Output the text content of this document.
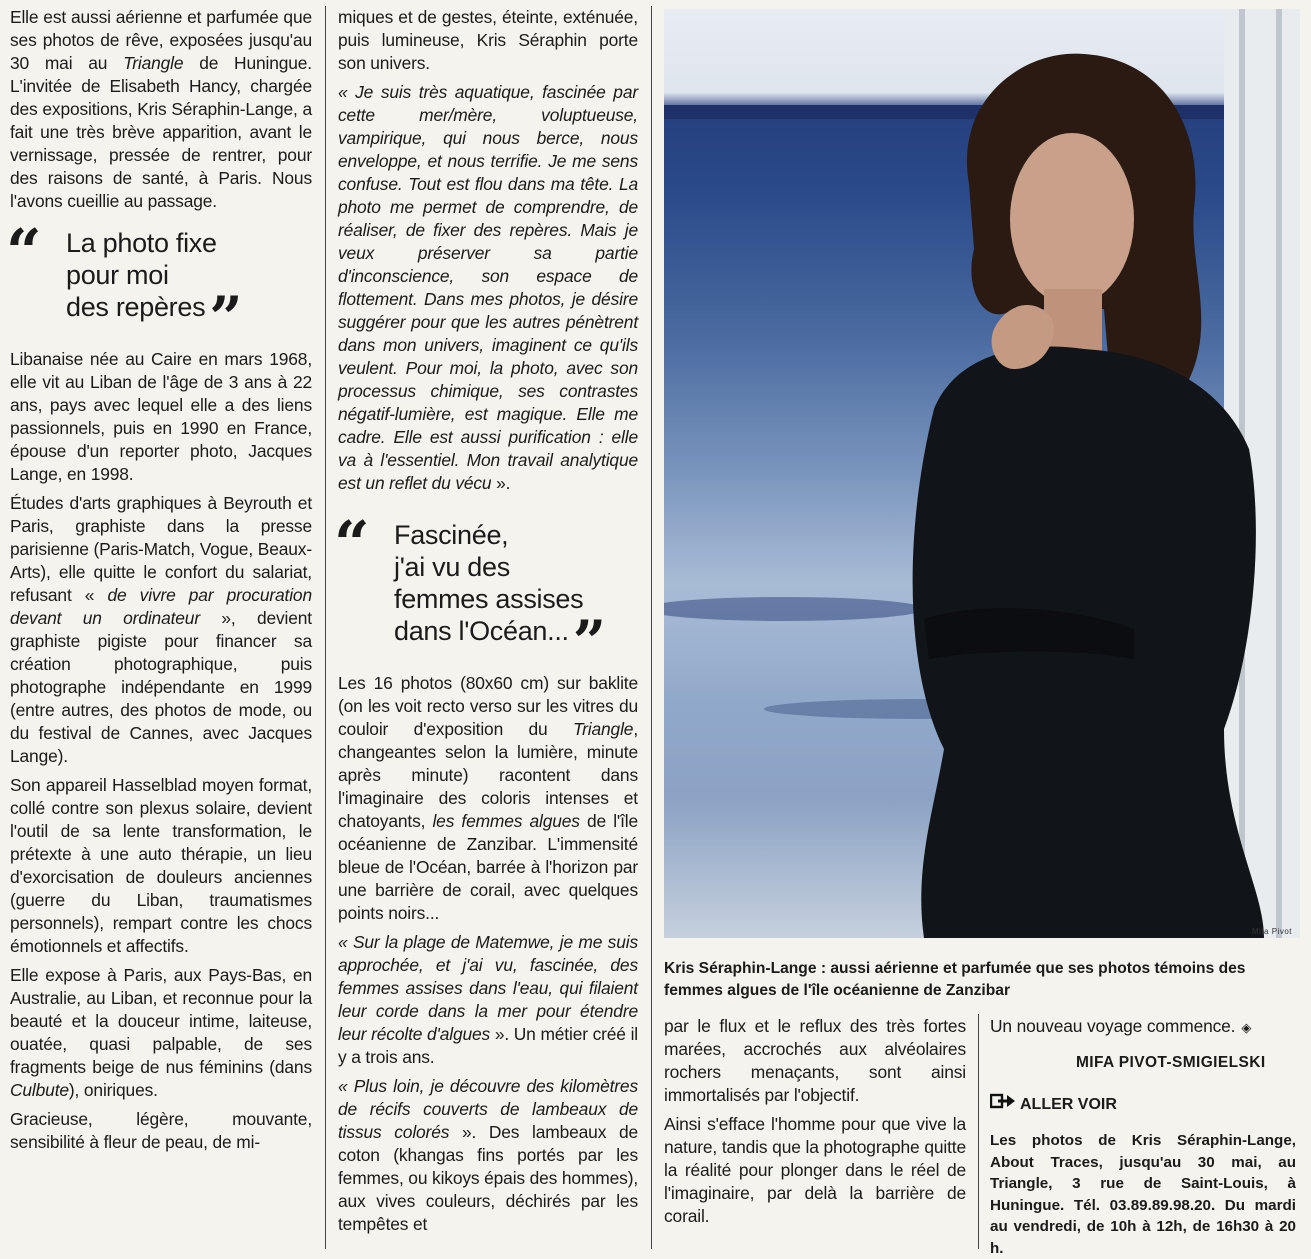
Elle est aussi aérienne et parfumée que ses photos de rêve, exposées jusqu'au 30 mai au Triangle de Huningue. L'invitée de Elisabeth Hancy, chargée des expositions, Kris Séraphin-Lange, a fait une très brève apparition, avant le vernissage, pressée de rentrer, pour des raisons de santé, à Paris. Nous l'avons cueillie au passage.

“ La photo fixe
pour moi
des repères”

Libanaise née au Caire en mars 1968, elle vit au Liban de l'âge de 3 ans à 22 ans, pays avec lequel elle a des liens passionnels, puis en 1990 en France, épouse d'un reporter photo, Jacques Lange, en 1998.

Études d'arts graphiques à Beyrouth et Paris, graphiste dans la presse parisienne (Paris-Match, Vogue, Beaux-Arts), elle quitte le confort du salariat, refusant « de vivre par procuration devant un ordinateur », devient graphiste pigiste pour financer sa création photographique, puis photographe indépendante en 1999 (entre autres, des photos de mode, ou du festival de Cannes, avec Jacques Lange).

Son appareil Hasselblad moyen format, collé contre son plexus solaire, devient l'outil de sa lente transformation, le prétexte à une auto thérapie, un lieu d'exorcisation de douleurs anciennes (guerre du Liban, traumatismes personnels), rempart contre les chocs émotionnels et affectifs.

Elle expose à Paris, aux Pays-Bas, en Australie, au Liban, et reconnue pour la beauté et la douceur intime, laiteuse, ouatée, quasi palpable, de ses fragments beige de nus féminins (dans Culbute), oniriques.

Gracieuse, légère, mouvante, sensibilité à fleur de peau, de mi-

miques et de gestes, éteinte, exténuée, puis lumineuse, Kris Séraphin porte son univers.

« Je suis très aquatique, fascinée par cette mer/mère, voluptueuse, vampirique, qui nous berce, nous enveloppe, et nous terrifie. Je me sens confuse. Tout est flou dans ma tête. La photo me permet de comprendre, de réaliser, de fixer des repères. Mais je veux préserver sa partie d'inconscience, son espace de flottement. Dans mes photos, je désire suggérer pour que les autres pénètrent dans mon univers, imaginent ce qu'ils veulent. Pour moi, la photo, avec son processus chimique, ses contrastes négatif-lumière, est magique. Elle me cadre. Elle est aussi purification : elle va à l'essentiel. Mon travail analytique est un reflet du vécu ».

“ Fascinée,
j'ai vu des
femmes assises
dans l'Océan...”

Les 16 photos (80x60 cm) sur baklite (on les voit recto verso sur les vitres du couloir d'exposition du Triangle, changeantes selon la lumière, minute après minute) racontent dans l'imaginaire des coloris intenses et chatoyants, les femmes algues de l'île océanienne de Zanzibar. L'immensité bleue de l'Océan, barrée à l'horizon par une barrière de corail, avec quelques points noirs...

« Sur la plage de Matemwe, je me suis approchée, et j'ai vu, fascinée, des femmes assises dans l'eau, qui filaient leur corde dans la mer pour étendre leur récolte d'algues ». Un métier créé il y a trois ans.

« Plus loin, je découvre des kilomètres de récifs couverts de lambeaux de tissus colorés ». Des lambeaux de coton (khangas fins portés par les femmes, ou kikoys épais des hommes), aux vives couleurs, déchirés par les tempêtes et

Mifa Pivot
Kris Séraphin-Lange : aussi aérienne et parfumée que ses photos témoins des femmes algues de l'île océanienne de Zanzibar

par le flux et le reflux des très fortes marées, accrochés aux alvéolaires rochers menaçants, sont ainsi immortalisés par l'objectif.

Ainsi s'efface l'homme pour que vive la nature, tandis que la photographe quitte la réalité pour plonger dans le réel de l'imaginaire, par delà la barrière de corail.

Un nouveau voyage commence. ◈

MIFA PIVOT-SMIGIELSKI
ALLER VOIR
Les photos de Kris Séraphin-Lange, About Traces, jusqu'au 30 mai, au Triangle, 3 rue de Saint-Louis, à Huningue. Tél. 03.89.89.98.20. Du mardi au vendredi, de 10h à 12h, de 16h30 à 20 h.
